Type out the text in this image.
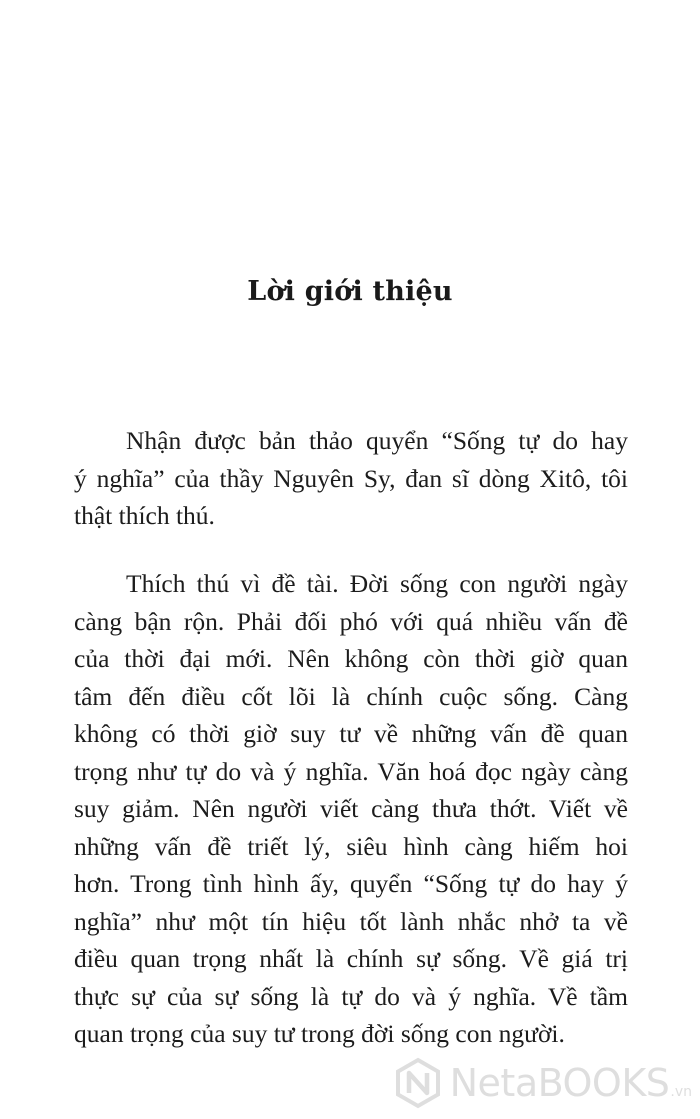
Lời giới thiệu
Nhận được bản thảo quyển “Sống tự do hay
ý nghĩa” của thầy Nguyên Sy, đan sĩ dòng Xitô, tôi
thật thích thú.
Thích thú vì đề tài. Đời sống con người ngày
càng bận rộn. Phải đối phó với quá nhiều vấn đề
của thời đại mới. Nên không còn thời giờ quan
tâm đến điều cốt lõi là chính cuộc sống. Càng
không có thời giờ suy tư về những vấn đề quan
trọng như tự do và ý nghĩa. Văn hoá đọc ngày càng
suy giảm. Nên người viết càng thưa thớt. Viết về
những vấn đề triết lý, siêu hình càng hiếm hoi
hơn. Trong tình hình ấy, quyển “Sống tự do hay ý
nghĩa” như một tín hiệu tốt lành nhắc nhở ta về
điều quan trọng nhất là chính sự sống. Về giá trị
thực sự của sự sống là tự do và ý nghĩa. Về tầm
quan trọng của suy tư trong đời sống con người.
NetaBOOKS .vn
